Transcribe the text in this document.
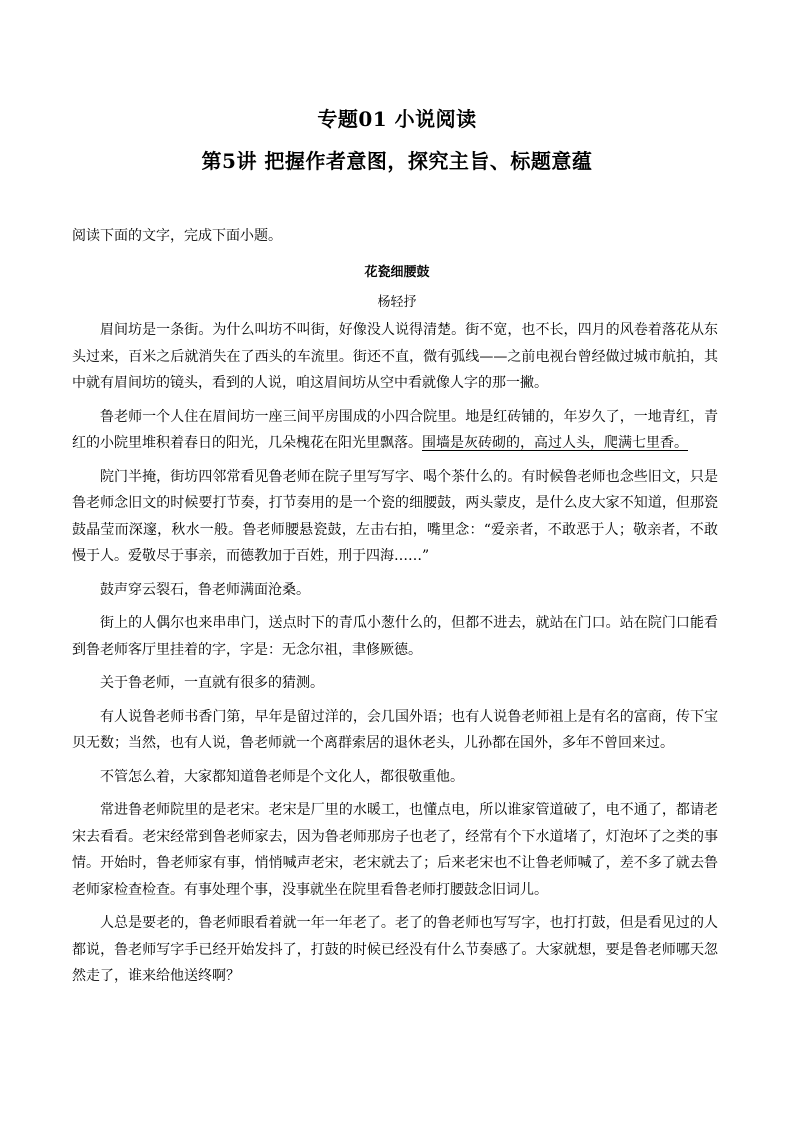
专题01 小说阅读
第5讲 把握作者意图，探究主旨、标题意蕴
阅读下面的文字，完成下面小题。
花瓷细腰鼓
杨轻抒

眉间坊是一条街。为什么叫坊不叫街，好像没人说得清楚。街不宽，也不长，四月的风卷着落花从东头过来，百米之后就消失在了西头的车流里。街还不直，微有弧线——之前电视台曾经做过城市航拍，其中就有眉间坊的镜头，看到的人说，咱这眉间坊从空中看就像人字的那一撇。

鲁老师一个人住在眉间坊一座三间平房围成的小四合院里。地是红砖铺的，年岁久了，一地青红，青红的小院里堆积着春日的阳光，几朵槐花在阳光里飘落。围墙是灰砖砌的，高过人头，爬满七里香。

院门半掩，街坊四邻常看见鲁老师在院子里写写字、喝个茶什么的。有时候鲁老师也念些旧文，只是鲁老师念旧文的时候要打节奏，打节奏用的是一个瓷的细腰鼓，两头蒙皮，是什么皮大家不知道，但那瓷鼓晶莹而深邃，秋水一般。鲁老师腰悬瓷鼓，左击右拍，嘴里念：“爱亲者，不敢恶于人；敬亲者，不敢慢于人。爱敬尽于事亲，而德教加于百姓，刑于四海……”

鼓声穿云裂石，鲁老师满面沧桑。

街上的人偶尔也来串串门，送点时下的青瓜小葱什么的，但都不进去，就站在门口。站在院门口能看到鲁老师客厅里挂着的字，字是：无念尔祖，聿修厥德。

关于鲁老师，一直就有很多的猜测。

有人说鲁老师书香门第，早年是留过洋的，会几国外语；也有人说鲁老师祖上是有名的富商，传下宝贝无数；当然，也有人说，鲁老师就一个离群索居的退休老头，儿孙都在国外，多年不曾回来过。

不管怎么着，大家都知道鲁老师是个文化人，都很敬重他。

常进鲁老师院里的是老宋。老宋是厂里的水暖工，也懂点电，所以谁家管道破了，电不通了，都请老宋去看看。老宋经常到鲁老师家去，因为鲁老师那房子也老了，经常有个下水道堵了，灯泡坏了之类的事情。开始时，鲁老师家有事，悄悄喊声老宋，老宋就去了；后来老宋也不让鲁老师喊了，差不多了就去鲁老师家检查检查。有事处理个事，没事就坐在院里看鲁老师打腰鼓念旧词儿。

人总是要老的，鲁老师眼看着就一年一年老了。老了的鲁老师也写写字，也打打鼓，但是看见过的人都说，鲁老师写字手已经开始发抖了，打鼓的时候已经没有什么节奏感了。大家就想，要是鲁老师哪天忽然走了，谁来给他送终啊？
